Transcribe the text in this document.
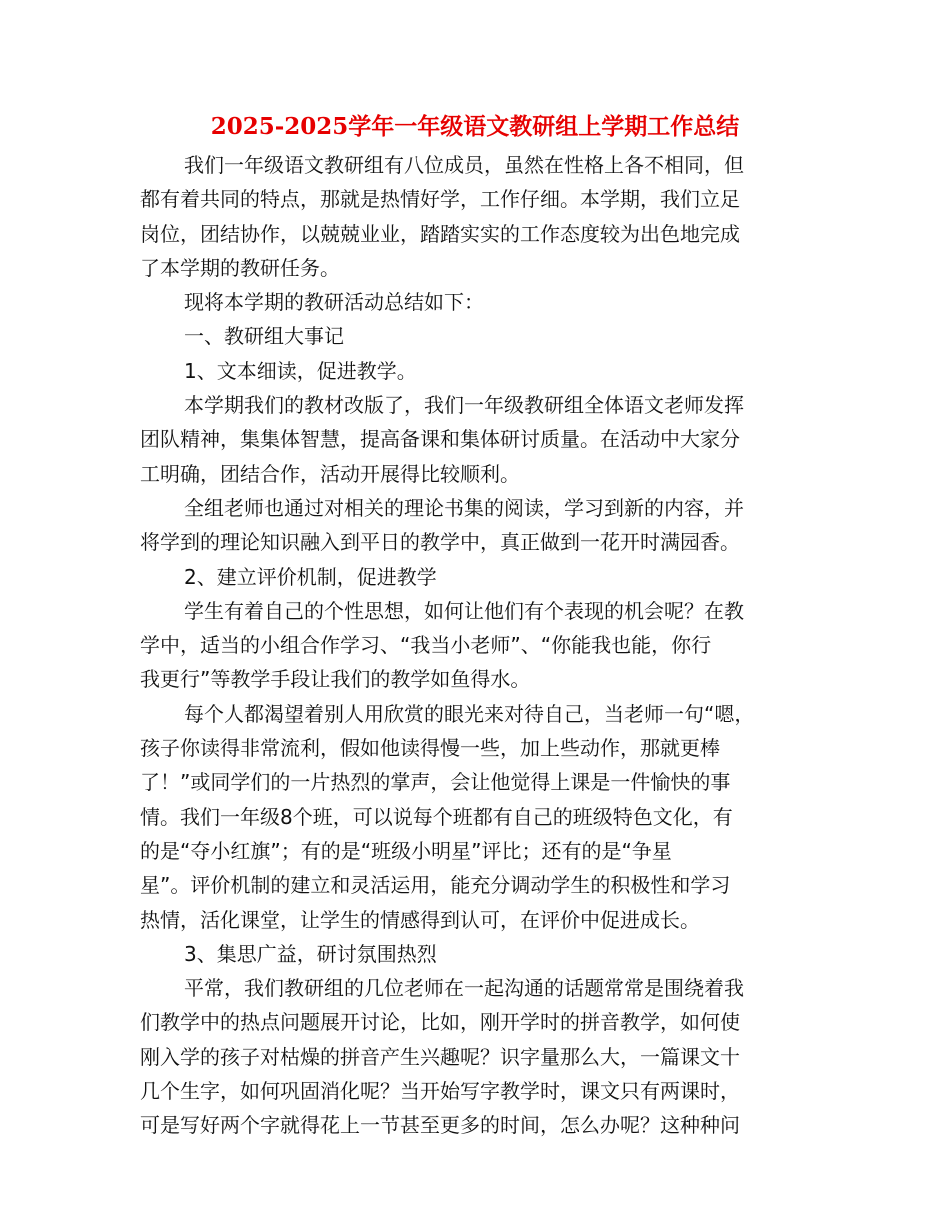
2025-2025学年一年级语文教研组上学期工作总结
我们一年级语文教研组有八位成员，虽然在性格上各不相同，但
都有着共同的特点，那就是热情好学，工作仔细。本学期，我们立足
岗位，团结协作，以兢兢业业，踏踏实实的工作态度较为出色地完成
了本学期的教研任务。
现将本学期的教研活动总结如下：
一、教研组大事记
1、文本细读，促进教学。
本学期我们的教材改版了，我们一年级教研组全体语文老师发挥
团队精神，集集体智慧，提高备课和集体研讨质量。在活动中大家分
工明确，团结合作，活动开展得比较顺利。
全组老师也通过对相关的理论书集的阅读，学习到新的内容，并
将学到的理论知识融入到平日的教学中，真正做到一花开时满园香。
2、建立评价机制，促进教学
学生有着自己的个性思想，如何让他们有个表现的机会呢？在教
学中，适当的小组合作学习、“我当小老师”、“你能我也能，你行
我更行”等教学手段让我们的教学如鱼得水。
每个人都渴望着别人用欣赏的眼光来对待自己，当老师一句“嗯，
孩子你读得非常流利，假如他读得慢一些，加上些动作，那就更棒
了！”或同学们的一片热烈的掌声，会让他觉得上课是一件愉快的事
情。我们一年级8个班，可以说每个班都有自己的班级特色文化，有
的是“夺小红旗”；有的是“班级小明星”评比；还有的是“争星
星”。评价机制的建立和灵活运用，能充分调动学生的积极性和学习
热情，活化课堂，让学生的情感得到认可，在评价中促进成长。
3、集思广益，研讨氛围热烈
平常，我们教研组的几位老师在一起沟通的话题常常是围绕着我
们教学中的热点问题展开讨论，比如，刚开学时的拼音教学，如何使
刚入学的孩子对枯燥的拼音产生兴趣呢？识字量那么大，一篇课文十
几个生字，如何巩固消化呢？当开始写字教学时，课文只有两课时，
可是写好两个字就得花上一节甚至更多的时间，怎么办呢？这种种问
